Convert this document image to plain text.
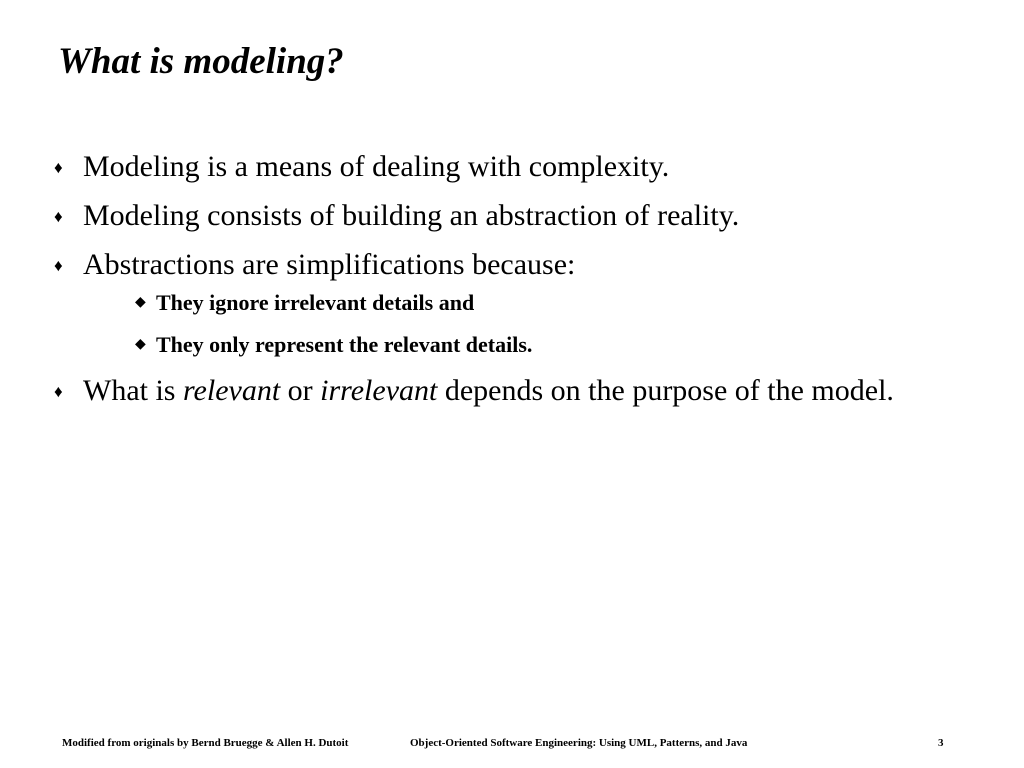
What is modeling?
♦ Modeling is a means of dealing with complexity.
♦ Modeling consists of building an abstraction of reality.
♦ Abstractions are simplifications because:
◆ They ignore irrelevant details and
◆ They only represent the relevant details.
♦ What is relevant or irrelevant depends on the purpose of the model.
Modified from originals by Bernd Bruegge & Allen H. Dutoit	Object-Oriented Software Engineering: Using UML, Patterns, and Java	3
